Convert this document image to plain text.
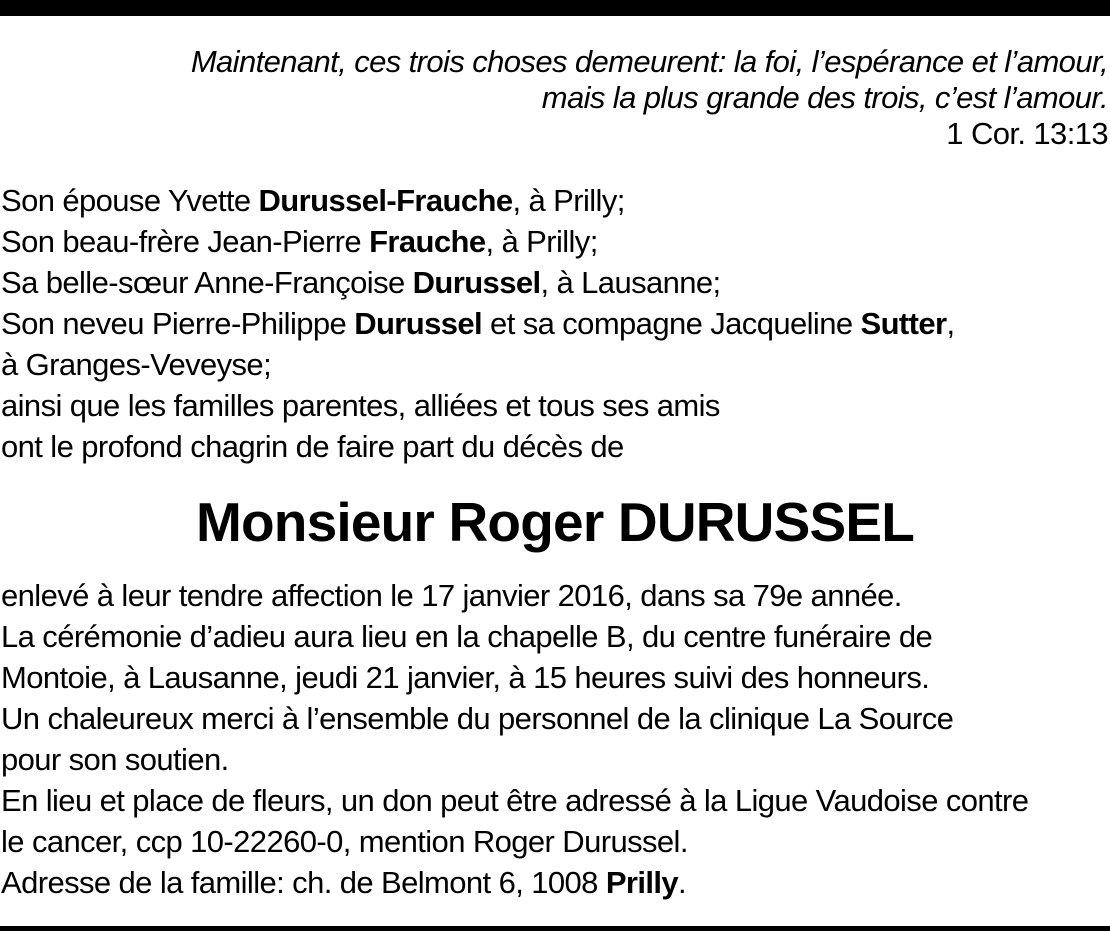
Maintenant, ces trois choses demeurent: la foi, l’espérance et l’amour,
mais la plus grande des trois, c’est l’amour.
1 Cor. 13:13
Son épouse Yvette Durussel-Frauche, à Prilly;
Son beau-frère Jean-Pierre Frauche, à Prilly;
Sa belle-sœur Anne-Françoise Durussel, à Lausanne;
Son neveu Pierre-Philippe Durussel et sa compagne Jacqueline Sutter,
à Granges-Veveyse;
ainsi que les familles parentes, alliées et tous ses amis
ont le profond chagrin de faire part du décès de
Monsieur Roger DURUSSEL
enlevé à leur tendre affection le 17 janvier 2016, dans sa 79e année.
La cérémonie d’adieu aura lieu en la chapelle B, du centre funéraire de
Montoie, à Lausanne, jeudi 21 janvier, à 15 heures suivi des honneurs.
Un chaleureux merci à l’ensemble du personnel de la clinique La Source
pour son soutien.
En lieu et place de fleurs, un don peut être adressé à la Ligue Vaudoise contre
le cancer, ccp 10-22260-0, mention Roger Durussel.
Adresse de la famille: ch. de Belmont 6, 1008 Prilly.
